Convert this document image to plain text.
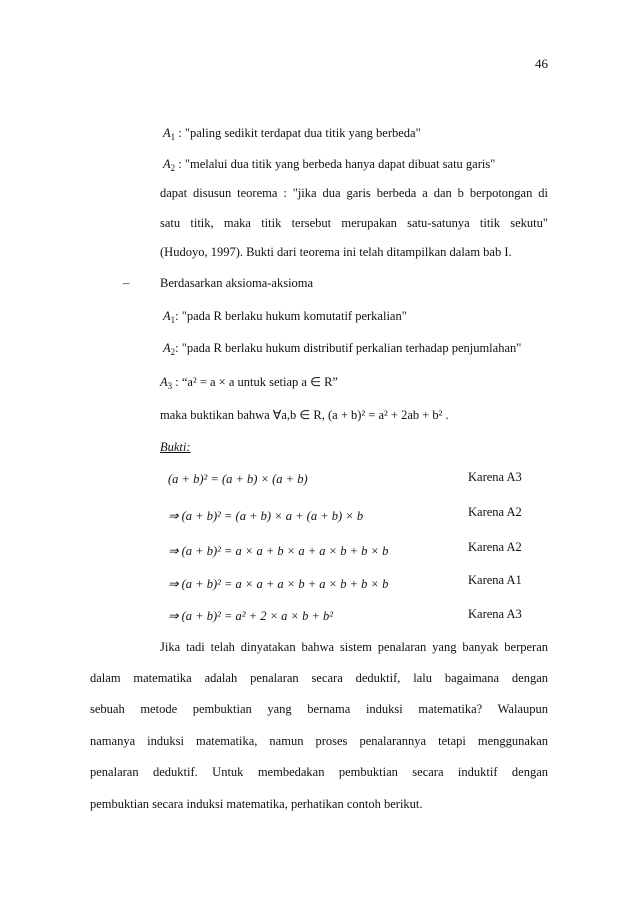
46
$A_1$ : "paling sedikit terdapat dua titik yang berbeda"
$A_2$ : "melalui dua titik yang berbeda hanya dapat dibuat satu garis"
dapat disusun teorema : "jika dua garis berbeda a dan b berpotongan di
satu titik, maka titik tersebut merupakan satu-satunya titik sekutu"
(Hudoyo, 1997). Bukti dari teorema ini telah ditampilkan dalam bab I.
– Berdasarkan aksioma-aksioma
$A_1$: "pada R berlaku hukum komutatif perkalian"
$A_2$: "pada R berlaku hukum distributif perkalian terhadap penjumlahan"
$A_3$ : “a² = a × a untuk setiap a ∈ R”
maka buktikan bahwa ∀a,b ∈ R, (a + b)² = a² + 2ab + b² .
Bukti:
(a + b)² = (a + b) × (a + b)	Karena A3
⇒ (a + b)² = (a + b) × a + (a + b) × b	Karena A2
⇒ (a + b)² = a × a + b × a + a × b + b × b	Karena A2
⇒ (a + b)² = a × a + a × b + a × b + b × b	Karena A1
⇒ (a + b)² = a² + 2 × a × b + b²	Karena A3
Jika tadi telah dinyatakan bahwa sistem penalaran yang banyak berperan
dalam matematika adalah penalaran secara deduktif, lalu bagaimana dengan
sebuah metode pembuktian yang bernama induksi matematika? Walaupun
namanya induksi matematika, namun proses penalarannya tetapi menggunakan
penalaran deduktif. Untuk membedakan pembuktian secara induktif dengan
pembuktian secara induksi matematika, perhatikan contoh berikut.
